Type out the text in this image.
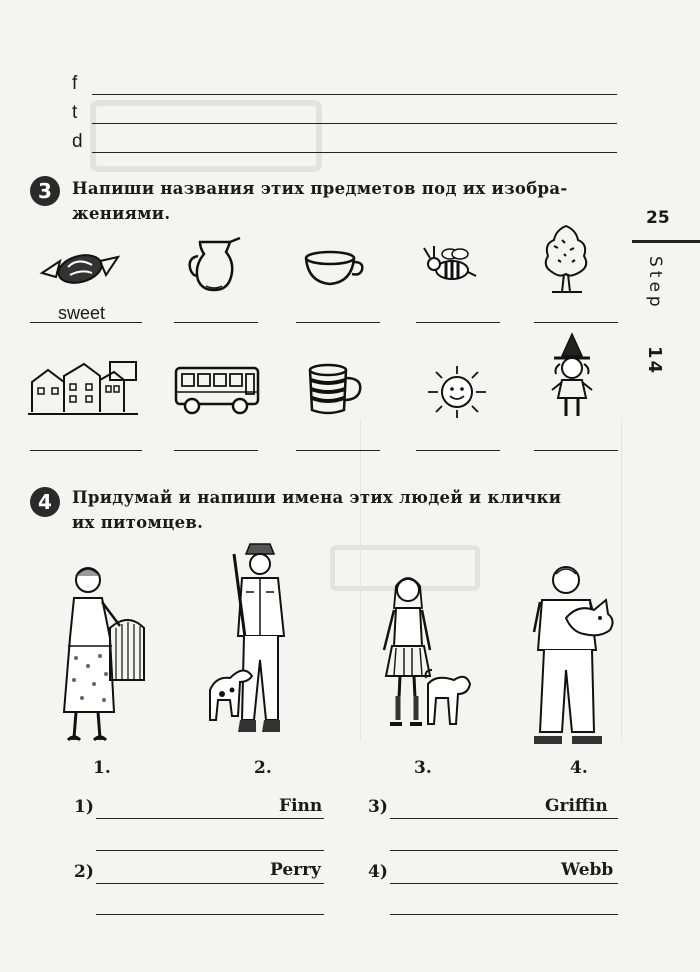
25
Step
14
f
t
d
3	Напиши названия этих предметов под их изобра-
жениями.
sweet
4	Придумай и напиши имена этих людей и клички
их питомцев.
1.	2.	3.	4.
1)	Finn	3)	Griffin
2)	Perry	4)	Webb
